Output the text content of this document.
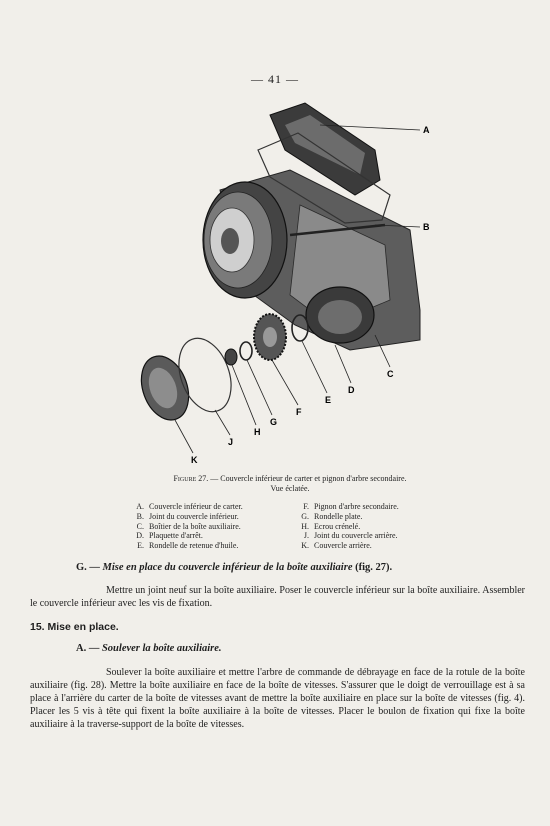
— 41 —
A
B
C
D
E
F
G
H
J
K
Figure 27. — Couvercle inférieur de carter et pignon d'arbre secondaire.
Vue éclatée.
A. Couvercle inférieur de carter.
B. Joint du couvercle inférieur.
C. Boîtier de la boîte auxiliaire.
D. Plaquette d'arrêt.
E. Rondelle de retenue d'huile.
F. Pignon d'arbre secondaire.
G. Rondelle plate.
H. Ecrou crénelé.
J. Joint du couvercle arrière.
K. Couvercle arrière.
G. — Mise en place du couvercle inférieur de la boîte auxiliaire (fig. 27).

Mettre un joint neuf sur la boîte auxiliaire. Poser le couvercle inférieur sur la boîte auxiliaire. Assembler le couvercle inférieur avec les vis de fixation.

15. Mise en place.
A. — Soulever la boîte auxiliaire.

Soulever la boîte auxiliaire et mettre l'arbre de commande de débrayage en face de la rotule de la boîte auxiliaire (fig. 28). Mettre la boîte auxiliaire en face de la boîte de vitesses. S'assurer que le doigt de verrouillage est à sa place à l'arrière du carter de la boîte de vitesses avant de mettre la boîte auxiliaire en place sur la boîte de vitesses (fig. 4). Placer les 5 vis à tête qui fixent la boîte auxiliaire à la boîte de vitesses. Placer le boulon de fixation qui fixe la boîte auxiliaire à la traverse-support de la boîte de vitesses.
